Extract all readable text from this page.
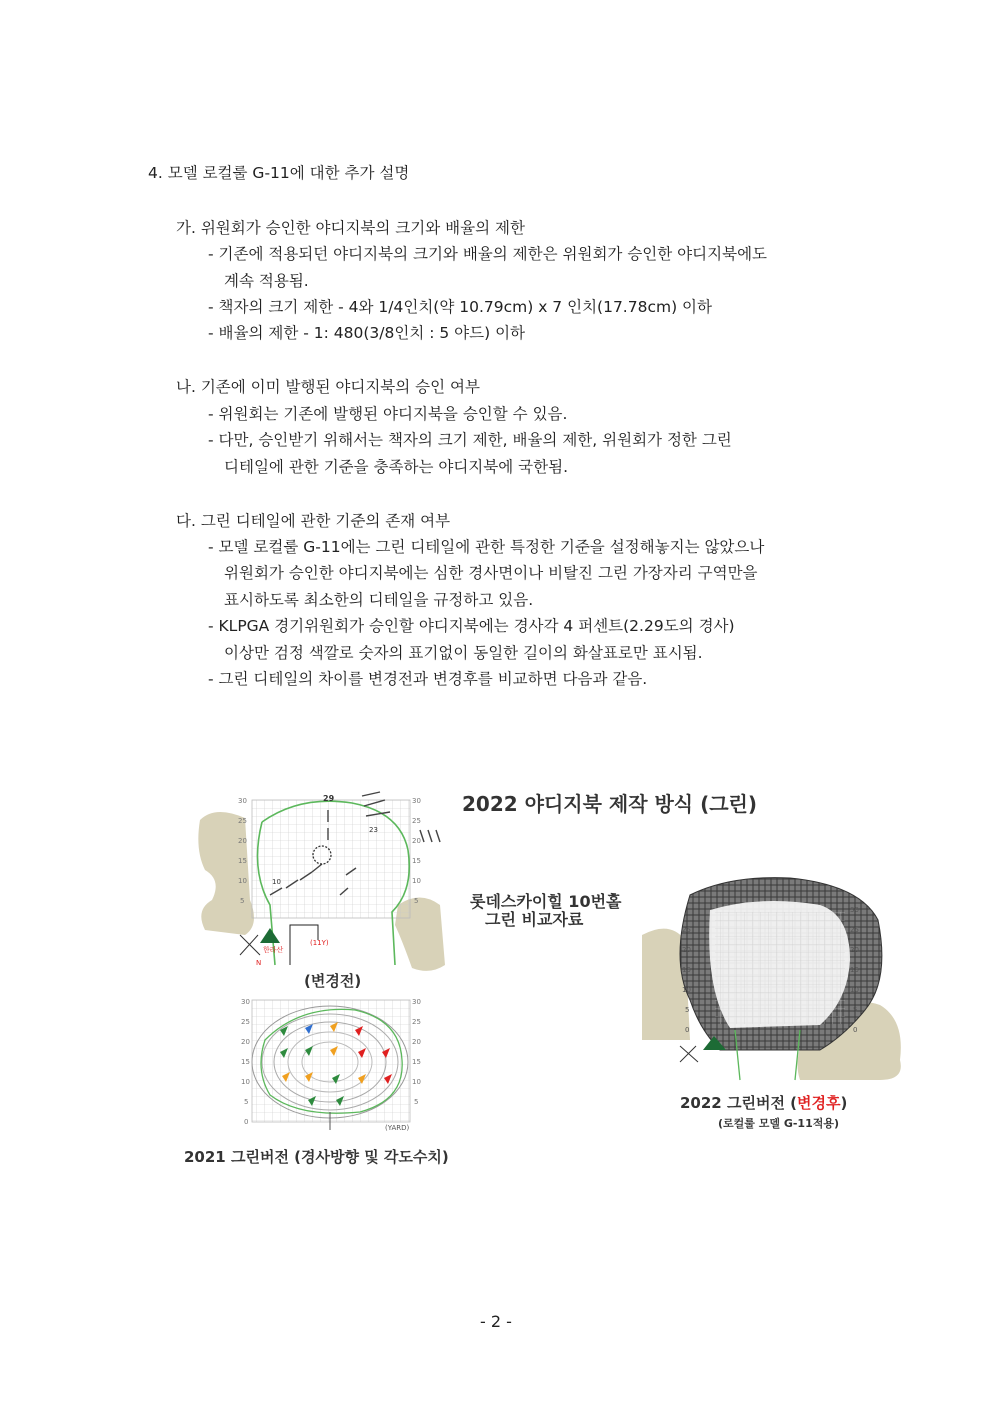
4. 모델 로컬룰 G-11에 대한 추가 설명
가. 위원회가 승인한 야디지북의 크기와 배율의 제한
- 기존에 적용되던 야디지북의 크기와 배율의 제한은 위원회가 승인한 야디지북에도
계속 적용됨.
- 책자의 크기 제한 - 4와 1/4인치(약 10.79cm) x 7 인치(17.78cm) 이하
- 배율의 제한 - 1: 480(3/8인치 : 5 야드) 이하
나. 기존에 이미 발행된 야디지북의 승인 여부
- 위원회는 기존에 발행된 야디지북을 승인할 수 있음.
- 다만, 승인받기 위해서는 책자의 크기 제한, 배율의 제한, 위원회가 정한 그린
디테일에 관한 기준을 충족하는 야디지북에 국한됨.
다. 그린 디테일에 관한 기준의 존재 여부
- 모델 로컬룰 G-11에는 그린 디테일에 관한 특정한 기준을 설정해놓지는 않았으나
위원회가 승인한 야디지북에는 심한 경사면이나 비탈진 그린 가장자리 구역만을
표시하도록 최소한의 디테일을 규정하고 있음.
- KLPGA 경기위원회가 승인할 야디지북에는 경사각 4 퍼센트(2.29도의 경사)
이상만 검정 색깔로 숫자의 표기없이 동일한 길이의 화살표로만 표시됨.
- 그린 디테일의 차이를 변경전과 변경후를 비교하면 다음과 같음.
2022 야디지북 제작 방식 (그린)
롯데스카이힐 10번홀
그린 비교자료
(변경전)
2021 그린버전 (경사방향 및 각도수치)
2022 그린버전 (변경후)
(로컬룰 모델 G-11적용)
N
29
23
10
한라산
(11Y)
30
25
20
15
10
5
30
25
20
15
10
5
(YARD)
30
25
20
15
10
5
0
30
25
20
15
10
5
30
25
20
15
10
5
0
25
20
15
10
5
0
- 2 -
